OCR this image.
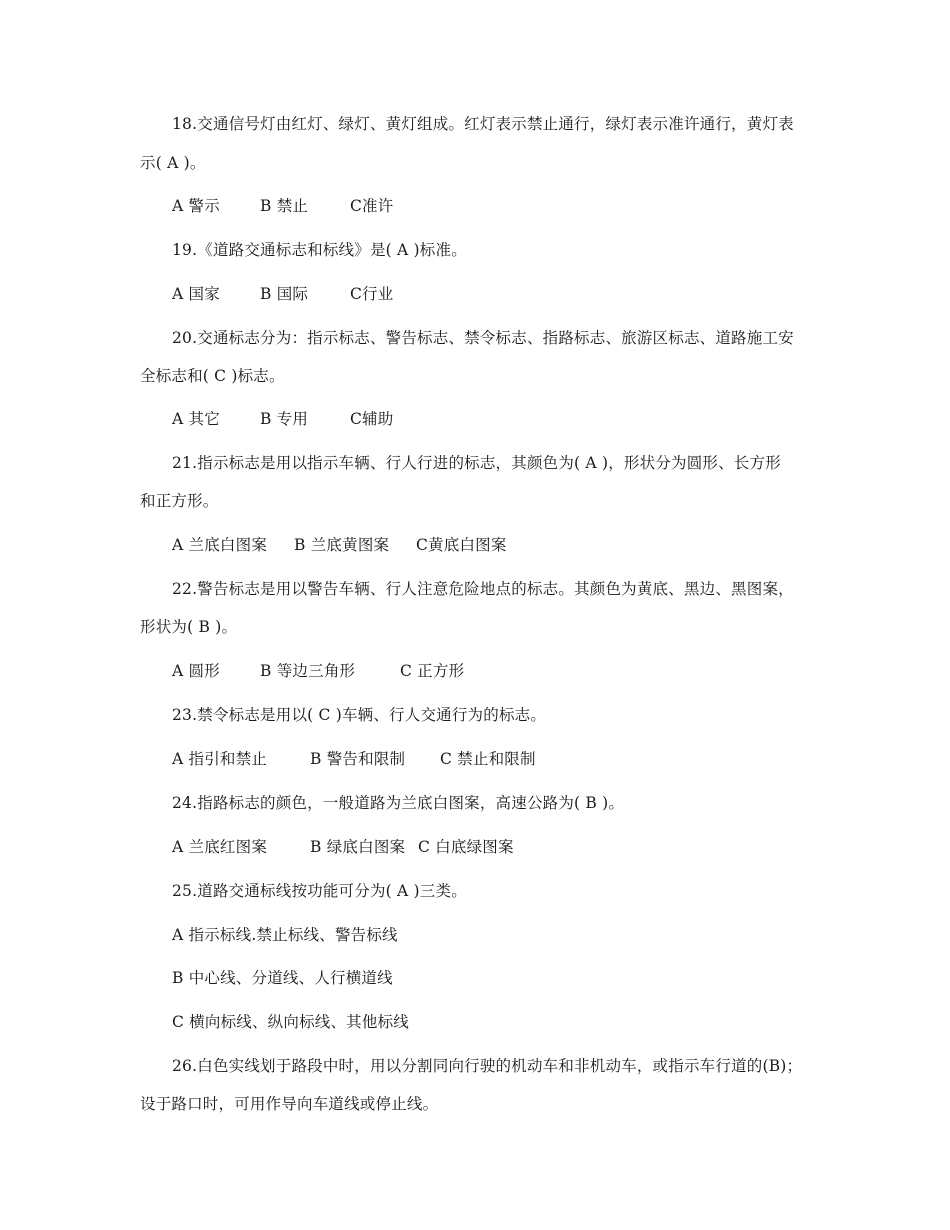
18.交通信号灯由红灯、绿灯、黄灯组成。红灯表示禁止通行，绿灯表示准许通行，黄灯表
示( A )。
A 警示	B 禁止	C准许
19.《道路交通标志和标线》是( A )标准。
A 国家	B 国际	C行业
20.交通标志分为：指示标志、警告标志、禁令标志、指路标志、旅游区标志、道路施工安
全标志和( C )标志。
A 其它	B 专用	C辅助
21.指示标志是用以指示车辆、行人行进的标志，其颜色为( A )，形状分为圆形、长方形
和正方形。
A 兰底白图案 B 兰底黄图案 C黄底白图案
22.警告标志是用以警告车辆、行人注意危险地点的标志。其颜色为黄底、黑边、黑图案，
形状为( B )。
A 圆形	B 等边三角形	C 正方形
23.禁令标志是用以( C )车辆、行人交通行为的标志。
A 指引和禁止	B 警告和限制 C 禁止和限制
24.指路标志的颜色，一般道路为兰底白图案，高速公路为( B )。
A 兰底红图案	B 绿底白图案 C 白底绿图案
25.道路交通标线按功能可分为( A )三类。
A 指示标线.禁止标线、警告标线
B 中心线、分道线、人行横道线
C 横向标线、纵向标线、其他标线
26.白色实线划于路段中时，用以分割同向行驶的机动车和非机动车，或指示车行道的(B)；
设于路口时，可用作导向车道线或停止线。
